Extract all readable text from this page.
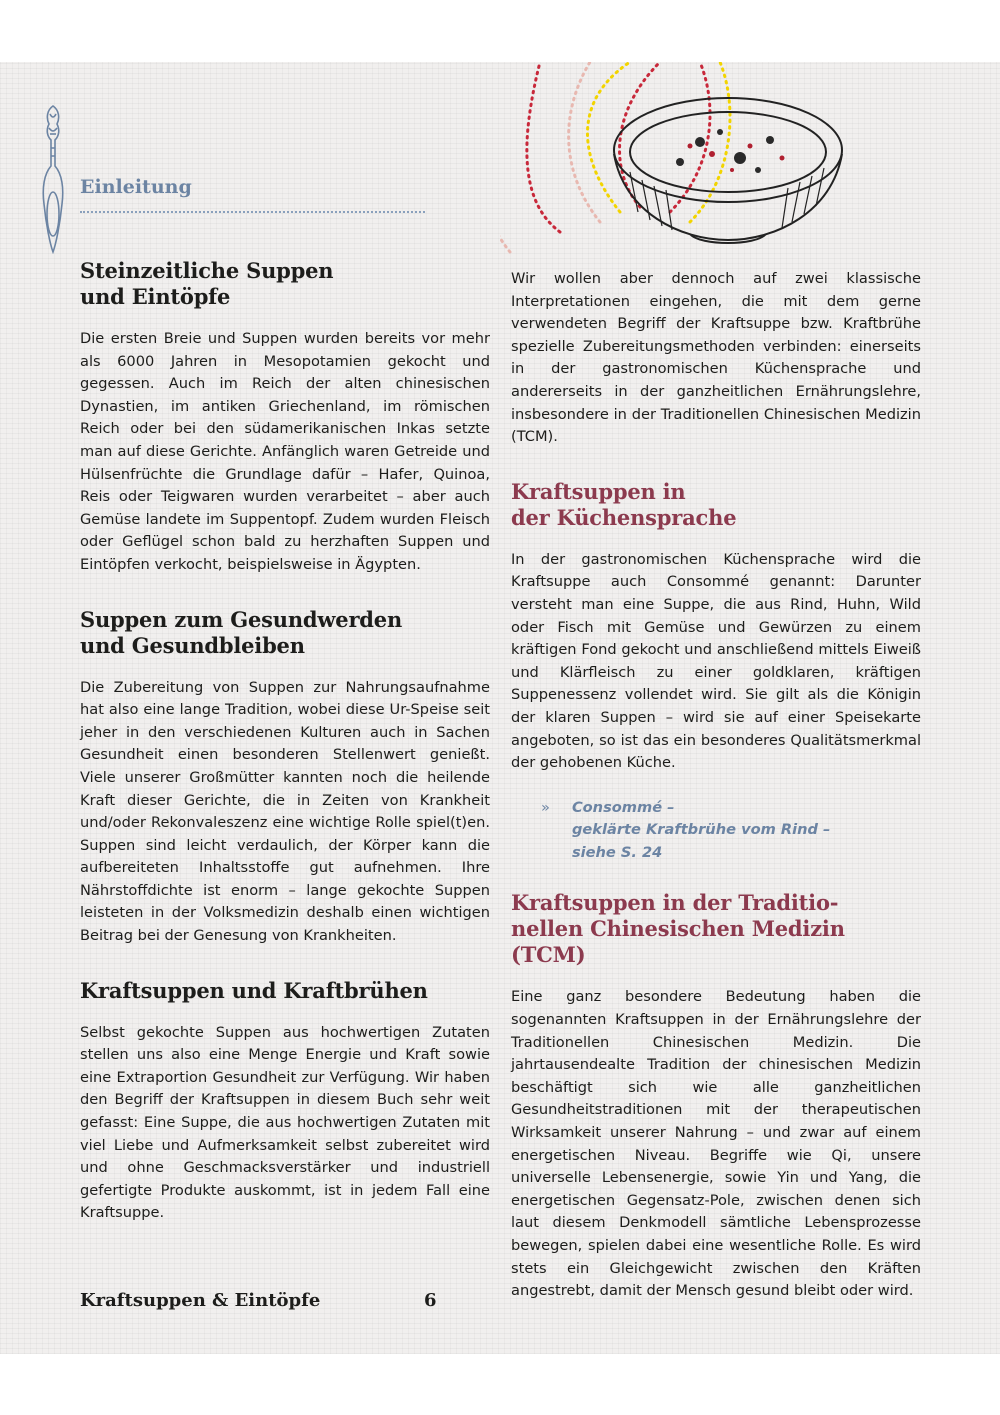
Einleitung
Steinzeitliche Suppen
und Eintöpfe

Die ersten Breie und Suppen wurden bereits vor mehr als 6000 Jahren in Mesopotamien gekocht und gegessen. Auch im Reich der alten chinesischen Dynastien, im antiken Griechenland, im römischen Reich oder bei den südamerikanischen Inkas setzte man auf diese Gerichte. Anfänglich waren Getreide und Hülsenfrüchte die Grundlage dafür – Hafer, Quinoa, Reis oder Teigwaren wurden verarbeitet – aber auch Gemüse landete im Suppentopf. Zudem wurden Fleisch oder Geflügel schon bald zu herzhaften Suppen und Eintöpfen verkocht, beispielsweise in Ägypten.

Suppen zum Gesundwerden
und Gesundbleiben

Die Zubereitung von Suppen zur Nahrungsaufnahme hat also eine lange Tradition, wobei diese Ur-Speise seit jeher in den verschiedenen Kulturen auch in Sachen Gesundheit einen besonderen Stellenwert genießt. Viele unserer Großmütter kannten noch die heilende Kraft dieser Gerichte, die in Zeiten von Krankheit und/oder Rekonvaleszenz eine wichtige Rolle spiel(t)en. Suppen sind leicht verdaulich, der Körper kann die aufbereiteten Inhaltsstoffe gut aufnehmen. Ihre Nährstoffdichte ist enorm – lange gekochte Suppen leisteten in der Volksmedizin deshalb einen wichtigen Beitrag bei der Genesung von Krankheiten.

Kraftsuppen und Kraftbrühen

Selbst gekochte Suppen aus hochwertigen Zutaten stellen uns also eine Menge Energie und Kraft sowie eine Extraportion Gesundheit zur Verfügung. Wir haben den Begriff der Kraftsuppen in diesem Buch sehr weit gefasst: Eine Suppe, die aus hochwertigen Zutaten mit viel Liebe und Aufmerksamkeit selbst zubereitet wird und ohne Geschmacksverstärker und industriell gefertigte Produkte auskommt, ist in jedem Fall eine Kraftsuppe.

Wir wollen aber dennoch auf zwei klassische Interpretationen eingehen, die mit dem gerne verwendeten Begriff der Kraftsuppe bzw. Kraftbrühe spezielle Zubereitungsmethoden verbinden: einerseits in der gastronomischen Küchensprache und andererseits in der ganzheitlichen Ernährungslehre, insbesondere in der Traditionellen Chinesischen Medizin (TCM).

Kraftsuppen in
der Küchensprache

In der gastronomischen Küchensprache wird die Kraftsuppe auch Consommé genannt: Darunter versteht man eine Suppe, die aus Rind, Huhn, Wild oder Fisch mit Gemüse und Gewürzen zu einem kräftigen Fond gekocht und anschließend mittels Eiweiß und Klärfleisch zu einer goldklaren, kräftigen Suppenessenz vollendet wird. Sie gilt als die Königin der klaren Suppen – wird sie auf einer Speisekarte angeboten, so ist das ein besonderes Qualitätsmerkmal der gehobenen Küche.

» Consommé –
geklärte Kraftbrühe vom Rind –
siehe S. 24
Kraftsuppen in der Traditio-
nellen Chinesischen Medizin
(TCM)

Eine ganz besondere Bedeutung haben die sogenannten Kraftsuppen in der Ernährungslehre der Traditionellen Chinesischen Medizin. Die jahrtausendealte Tradition der chinesischen Medizin beschäftigt sich wie alle ganzheitlichen Gesundheitstraditionen mit der therapeutischen Wirksamkeit unserer Nahrung – und zwar auf einem energetischen Niveau. Begriffe wie Qi, unsere universelle Lebensenergie, sowie Yin und Yang, die energetischen Gegensatz-Pole, zwischen denen sich laut diesem Denkmodell sämtliche Lebensprozesse bewegen, spielen dabei eine wesentliche Rolle. Es wird stets ein Gleichgewicht zwischen den Kräften angestrebt, damit der Mensch gesund bleibt oder wird.

Kraftsuppen & Eintöpfe	6
